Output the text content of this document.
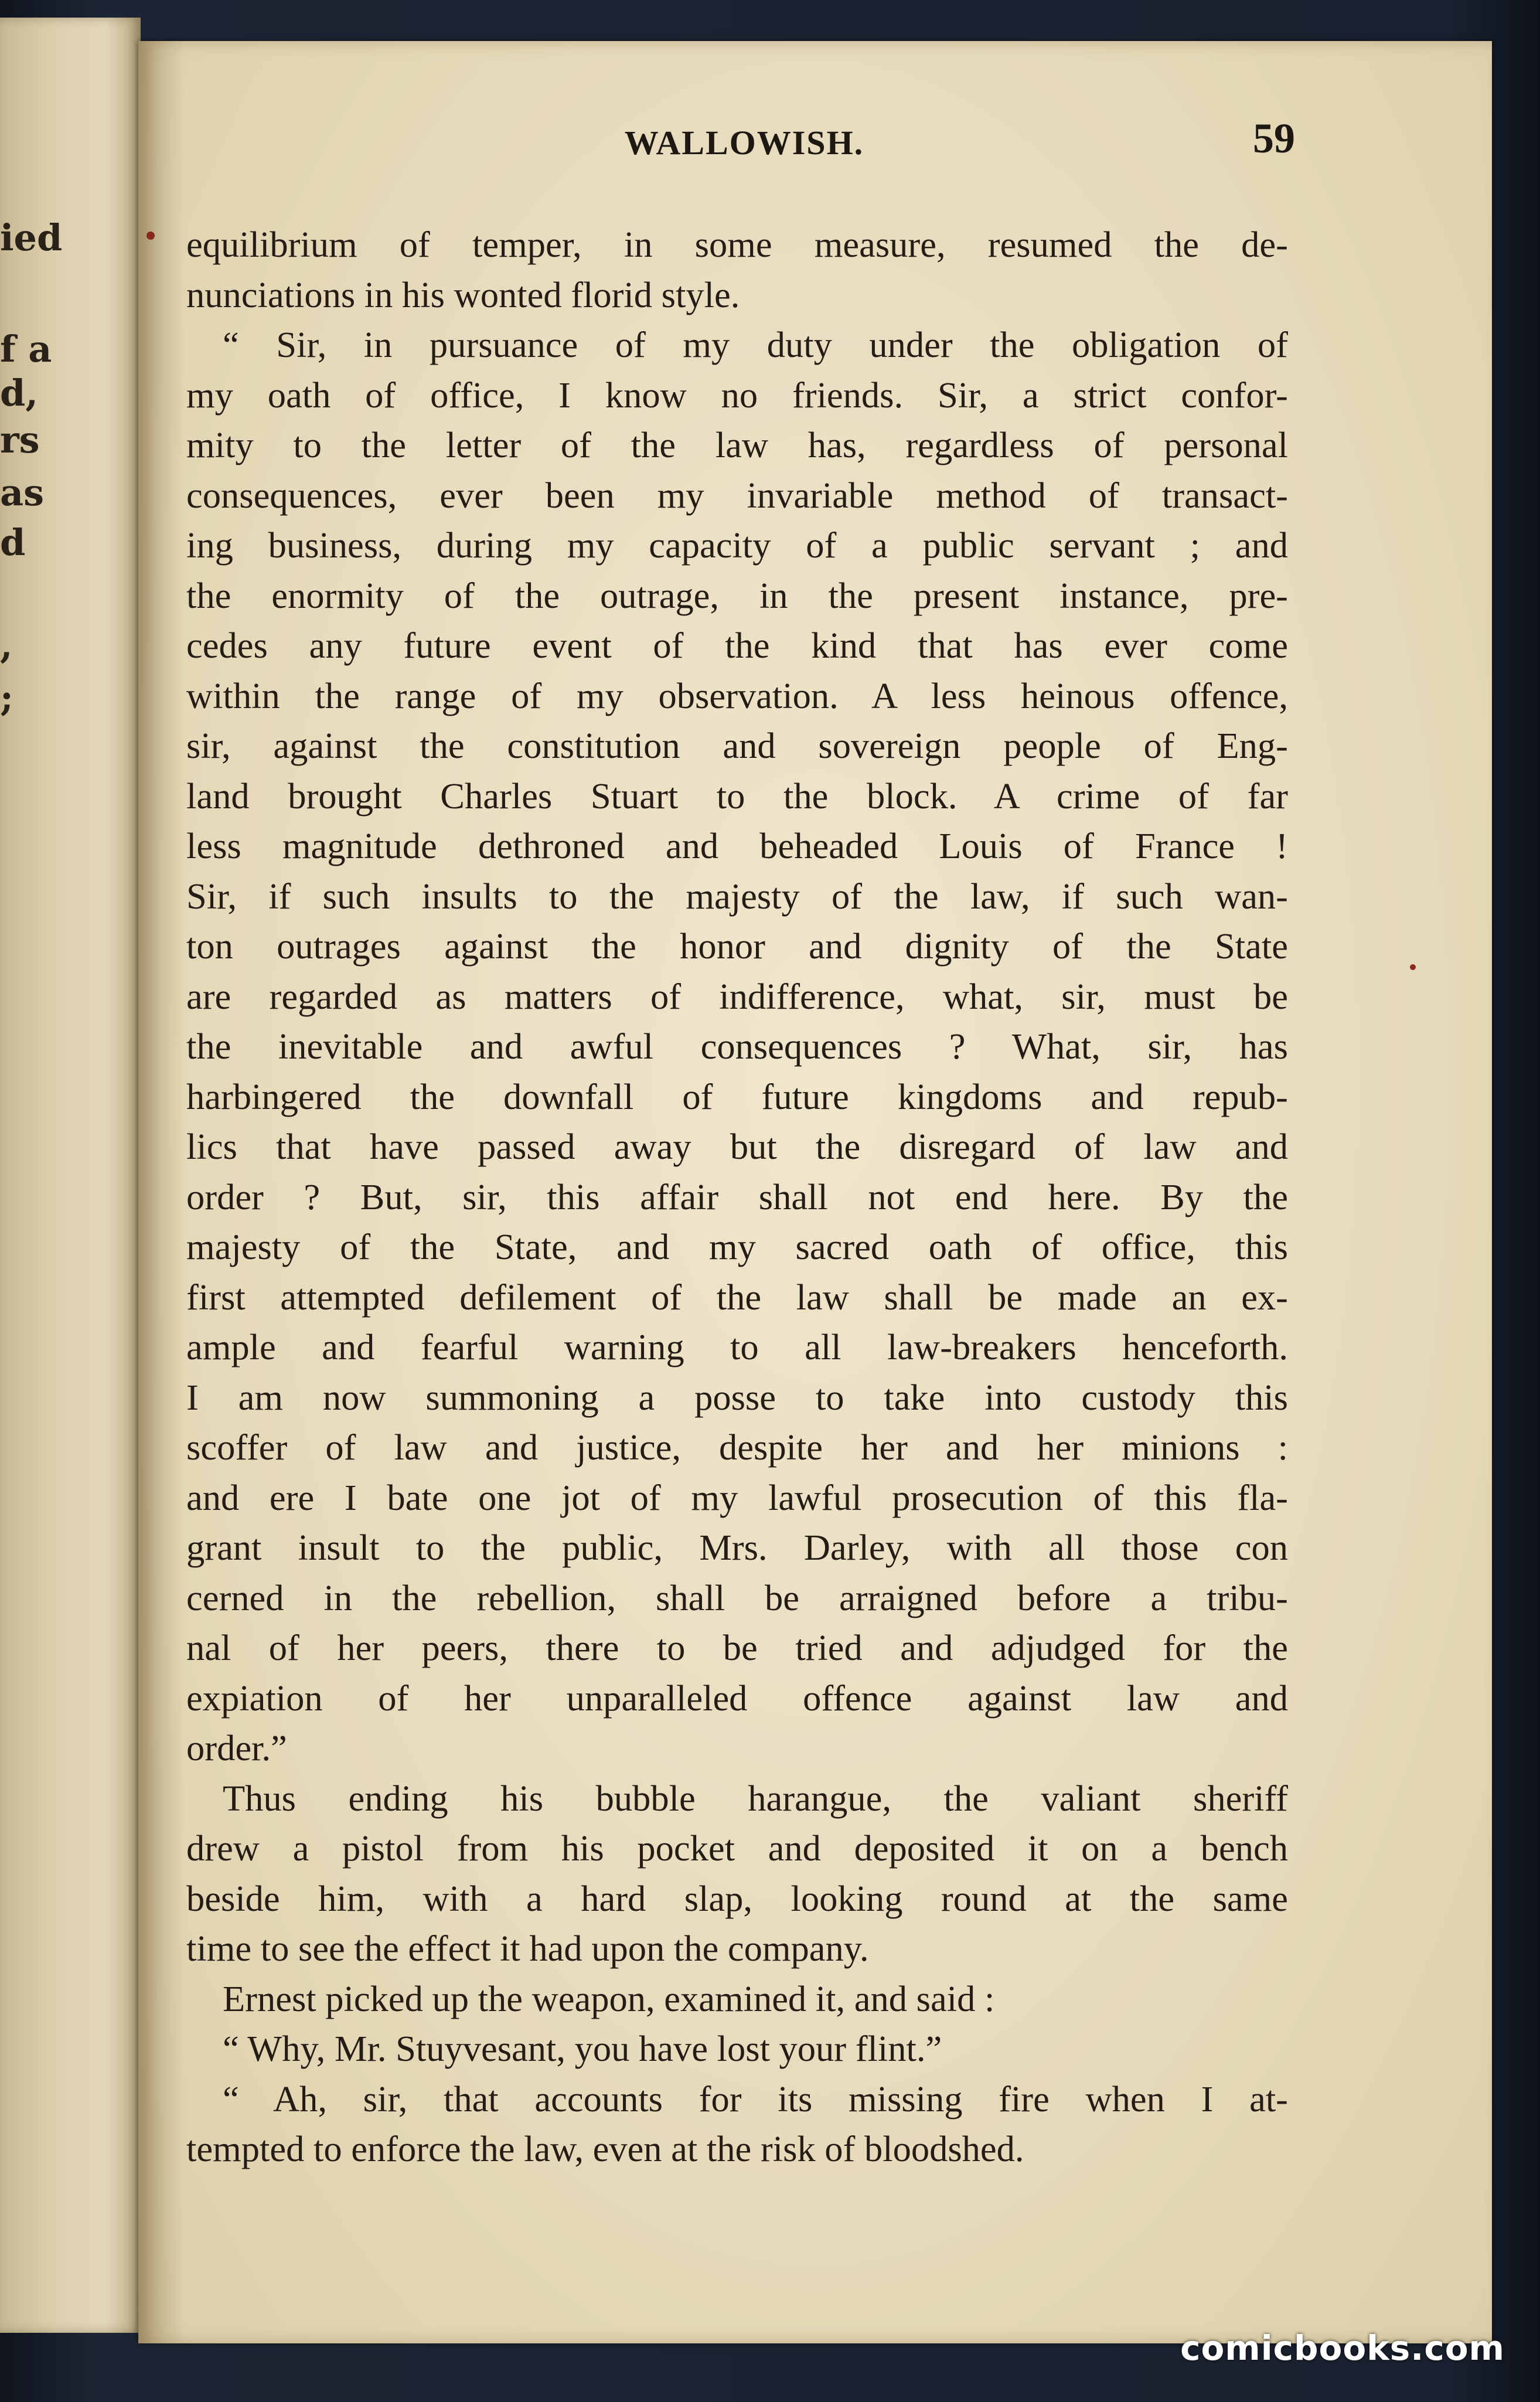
ied
f a
d,
rs
as
d
,
;
WALLOWISH.	59

equilibrium of temper, in some measure, resumed the de-

nunciations in his wonted florid style.

“ Sir, in pursuance of my duty under the obligation of

my oath of office, I know no friends. Sir, a strict confor-

mity to the letter of the law has, regardless of personal

consequences, ever been my invariable method of transact-

ing business, during my capacity of a public servant ; and

the enormity of the outrage, in the present instance, pre-

cedes any future event of the kind that has ever come

within the range of my observation. A less heinous offence,

sir, against the constitution and sovereign people of Eng-

land brought Charles Stuart to the block. A crime of far

less magnitude dethroned and beheaded Louis of France !

Sir, if such insults to the majesty of the law, if such wan-

ton outrages against the honor and dignity of the State

are regarded as matters of indifference, what, sir, must be

the inevitable and awful consequences ? What, sir, has

harbingered the downfall of future kingdoms and repub-

lics that have passed away but the disregard of law and

order ? But, sir, this affair shall not end here. By the

majesty of the State, and my sacred oath of office, this

first attempted defilement of the law shall be made an ex-

ample and fearful warning to all law-breakers henceforth.

I am now summoning a posse to take into custody this

scoffer of law and justice, despite her and her minions :

and ere I bate one jot of my lawful prosecution of this fla-

grant insult to the public, Mrs. Darley, with all those con

cerned in the rebellion, shall be arraigned before a tribu-

nal of her peers, there to be tried and adjudged for the

expiation of her unparalleled offence against law and

order.”

Thus ending his bubble harangue, the valiant sheriff

drew a pistol from his pocket and deposited it on a bench

beside him, with a hard slap, looking round at the same

time to see the effect it had upon the company.

Ernest picked up the weapon, examined it, and said :

“ Why, Mr. Stuyvesant, you have lost your flint.”

“ Ah, sir, that accounts for its missing fire when I at-

tempted to enforce the law, even at the risk of bloodshed.

comicbooks.com
